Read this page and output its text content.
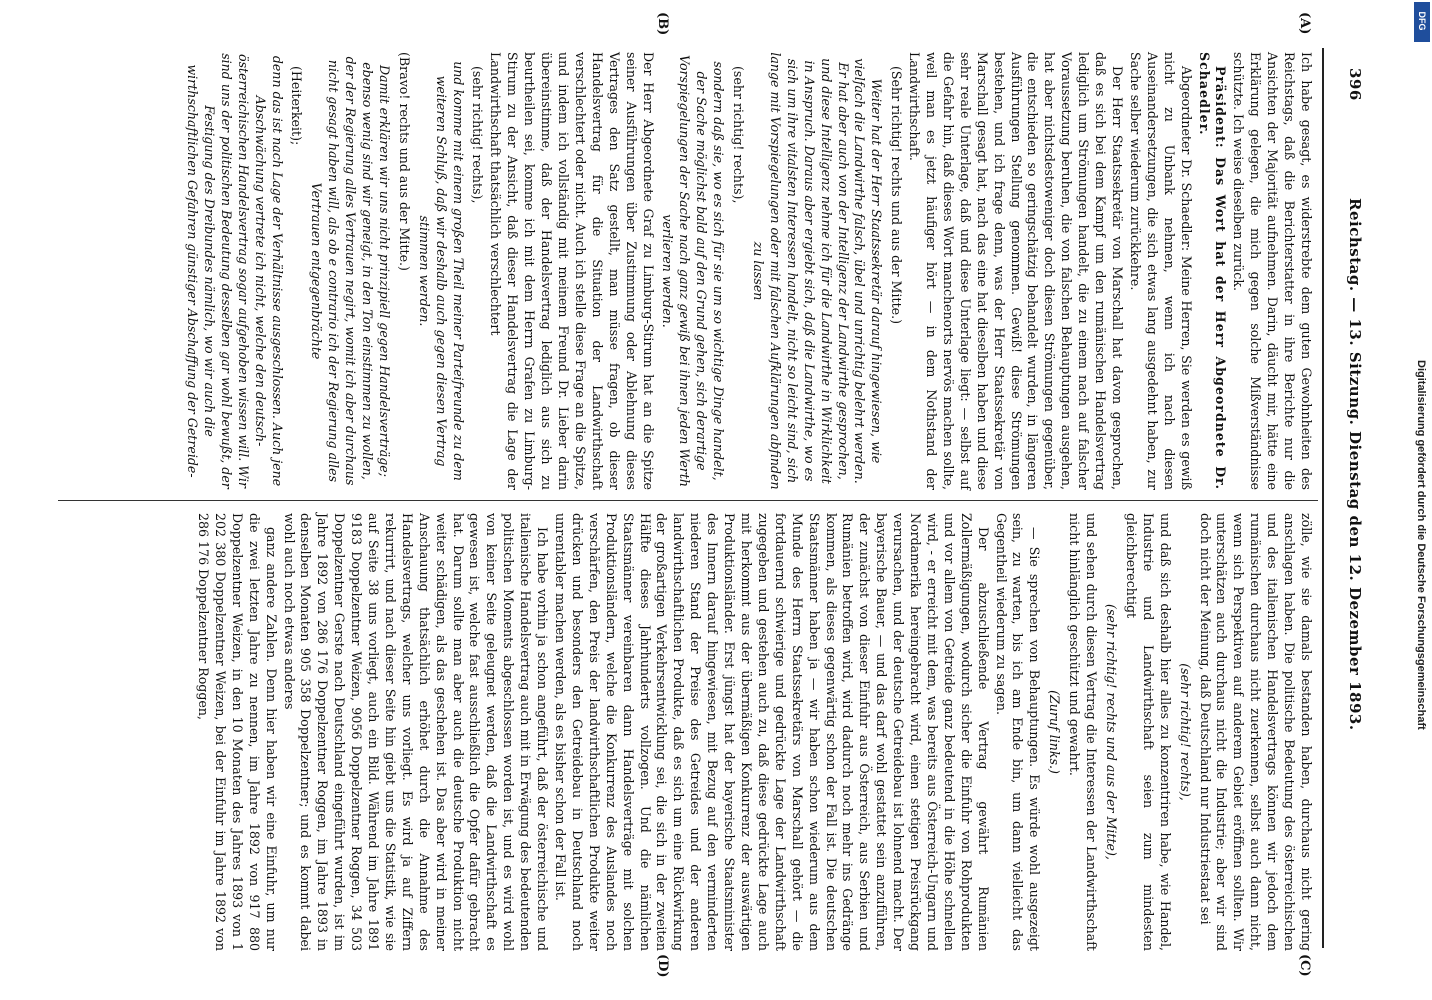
396
Reichstag. — 13. Sitzung. Dienstag den 12. Dezember 1893.
(A)
(B)
(C)
(D)

Ich habe gesagt, es widerstrebte dem guten Gewohnheiten des Reichstags, daß die Berichterstatter in ihre Berichte nur die Ansichten der Majorität aufnehmen. Darin, däucht mir, hätte eine Erklärung gelegen, die mich gegen solche Mißverständnisse schützte. Ich weise dieselben zurück.

Präsident: Das Wort hat der Herr Abgeordnete Dr. Schaedler.

Abgeordneter Dr. Schaedler: Meine Herren, Sie werden es gewiß nicht zu Unbank nehmen, wenn ich nach diesen Auseinandersetzungen, die sich etwas lang ausgedehnt haben, zur Sache selber wiederum zurückkehre.

Der Herr Staatssekretär von Marschall hat davon gesprochen, daß es sich bei dem Kampf um den rumänischen Handelsvertrag lediglich um Strömungen handelt, die zu einem nach auf falscher Voraussetzung beruhen, die von falschen Behauptungen ausgehen, hat aber nichtsdestoweniger doch diesen Strömungen gegenüber, die entschieden so geringschätzig behandelt wurden, in längeren Ausführungen Stellung genommen. Gewiß! diese Strömungen bestehen, und ich frage denn, was der Herr Staatssekretär von Marschall gesagt hat, nach das eine hat dieselben haben und diese sehr reale Unterlage, daß und diese Unterlage liegt: — selbst auf die Gefahr hin, daß dieses Wort manchenorts nervös machen sollte, weil man es jetzt häufiger hört — in dem Nothstand der Landwirthschaft.

(Sehr richtig! rechts und aus der Mitte.)

Weiter hat der Herr Staatssekretär darauf hingewiesen, wie vielfach die Landwirthe falsch, übel und unrichtig belehrt werden. Er hat aber auch von der Intelligenz der Landwirthe gesprochen, und diese Intelligenz nehme ich für die Landwirthe in Wirklichkeit in Anspruch. Daraus aber ergiebt sich, daß die Landwirthe, wo es sich um ihre vitalsten Interessen handelt, nicht so leicht sind, sich lange mit Vorspiegelungen oder mit falschen Aufklärungen abfinden zu lassen

(sehr richtig! rechts),

sondern daß sie, wo es sich für sie um so wichtige Dinge handelt, der Sache möglichst bald auf den Grund gehen, sich derartige Vorspiegelungen der Sache nach ganz gewiß bei ihnen jeden Werth verlieren werden.

Der Herr Abgeordnete Graf zu Limburg-Stirum hat an die Spitze seiner Ausführungen über Zustimmung oder Ablehnung dieses Vertrages den Satz gestellt, man müsse fragen, ob dieser Handelsvertrag für die Situation der Landwirthschaft verschlechtert oder nicht. Auch ich stelle diese Frage an die Spitze, und indem ich vollständig mit meinem Freund Dr. Lieber darin übereinstimme, daß der Handelsvertrag lediglich aus sich zu beurtheilen sei, komme ich mit dem Herrn Grafen zu Limburg-Stirum zu der Ansicht, daß dieser Handelsvertrag die Lage der Landwirthschaft thatsächlich verschlechtert

(sehr richtig! rechts),

und komme mit einem großen Theil meiner Parteifreunde zu dem weiteren Schluß, daß wir deshalb auch gegen diesen Vertrag stimmen werden.

(Bravo! rechts und aus der Mitte.)

Damit erklären wir uns nicht prinzipiell gegen Handelsverträge; ebenso wenig sind wir geneigt, in den Ton einstimmen zu wollen, der der Regierung alles Vertrauen negirt, womit ich aber durchaus nicht gesagt haben will, als ob e contrario ich der Regierung alles Vertrauen entgegenbrächte

(Heiterkeit);

denn das ist nach Lage der Verhältnisse ausgeschlossen. Auch jene Abschwächung vertrete ich nicht, welche den deutsch-österreichischen Handelsvertrag sogar aufgehoben wissen will. Wir sind uns der politischen Bedeutung desselben gar wohl bewußt, der Festigung des Dreibundes nämlich, wo wir auch die wirthschaftlichen Gefahren günstiger Abschaffung der Getreide-

zölle, wie sie damals bestanden haben, durchaus nicht gering anschlagen haben. Die politische Bedeutung des österreichischen und des italienischen Handelsvertrags können wir jedoch dem rumänischen durchaus nicht zuerkennen, selbst auch dann nicht, wenn sich Perspektiven auf anderem Gebiet eröffnen sollten. Wir unterschätzen auch durchaus nicht die Industrie; aber wir sind doch nicht der Meinung, daß Deutschland nur Industriestaat sei

(sehr richtig! rechts),

und daß sich deshalb hier alles zu konzentriren habe, wie Handel, Industrie und Landwirthschaft seien zum mindesten gleichberechtigt

(sehr richtig! rechts und aus der Mitte),

und sehen durch diesen Vertrag die Interessen der Landwirthschaft nicht hinlänglich geschützt und gewahrt.

(Zuruf links.)

— Sie sprechen von Behauptungen. Es würde wohl ausgezeigt sein, zu warten, bis ich am Ende bin, um dann vielleicht das Gegentheil wiederum zu sagen.

Der abzuschließende Vertrag gewährt Rumänien Zollermäßigungen, wodurch sicher die Einfuhr von Rohprodukten und vor allem von Getreide ganz bedeutend in die Höhe schnellen wird, - er erreicht mit dem, was bereits aus Österreich-Ungarn und Nordamerika hereingebracht wird, einen stetigen Preisrückgang verursachen, und der deutsche Getreidebau ist lohnend macht. Der bayerische Bauer, — und das darf wohl gestattet sein anzuführen, der zunächst von dieser Einfuhr aus Österreich, aus Serbien und Rumänien betroffen wird, wird dadurch noch mehr ins Gedränge kommen, als dieses gegenwärtig schon der Fall ist. Die deutschen Staatsmänner haben ja — wir haben schon wiederum aus dem Munde des Herrn Staatssekretärs von Marschall gehört — die fortdauernd schwierige und gedrückte Lage der Landwirthschaft zugegeben und gestehen auch zu, daß diese gedrückte Lage auch mit herkommt aus der übermäßigen Konkurrenz der auswärtigen Produktionsländer. Erst jüngst hat der bayerische Staatsminister des Innern darauf hingewiesen, mit Bezug auf den verminderten niederen Stand der Preise des Getreides und der anderen landwirthschaftlichen Produkte, daß es sich um eine Rückwirkung der großartigen Verkehrsentwicklung sei, die sich in der zweiten Hälfte dieses Jahrhunderts vollzogen. Und die nämlichen Staatsmänner vereinbaren dann Handelsverträge mit solchen Produktionsländern, welche die Konkurrenz des Auslandes noch verschärfen, den Preis der landwirthschaftlichen Produkte weiter drücken und besonders den Getreidebau in Deutschland noch unrentabler machen werden, als es bisher schon der Fall ist.

Ich habe vorhin ja schon angeführt, daß der österreichische und italienische Handelsvertrag auch mit in Erwägung des bedeutenden politischen Moments abgeschlossen worden ist, und es wird wohl von keiner Seite geleugnet werden, daß die Landwirthschaft es gewesen ist, welche fast ausschließlich die Opfer dafür gebracht hat. Darum sollte man aber auch die deutsche Produktion nicht weiter schädigen, als das geschehen ist. Das aber wird in meiner Anschauung thatsächlich erhöhet durch die Annahme des Handelsvertrags, welcher uns vorliegt. Es wird ja auf Ziffern rekurrirt, und nach dieser Seite hin giebt uns die Statistik, wie sie auf Seite 38 uns vorliegt, auch ein Bild. Während im Jahre 1891 9183 Doppelzentner Weizen, 9056 Doppelzentner Roggen, 34 503 Doppelzentner Gerste nach Deutschland eingeführt wurden, ist im Jahre 1892 von 286 176 Doppelzentner Roggen, im Jahre 1893 in denselben Monaten 905 358 Doppelzentner; und es kommt dabei wohl auch noch etwas anderes

ganz andere Zahlen. Denn hier haben wir eine Einfuhr, um nur die zwei letzten Jahre zu nennen, im Jahre 1892 von 917 880 Doppelzentner Weizen, in den 10 Monaten des Jahres 1893 von 1 202 380 Doppelzentner Weizen, bei der Einfuhr im Jahre 1892 von 286 176 Doppelzentner Roggen,	Digitalisierung gefördert durch die Deutsche Forschungsgemeinschaft
DFG
